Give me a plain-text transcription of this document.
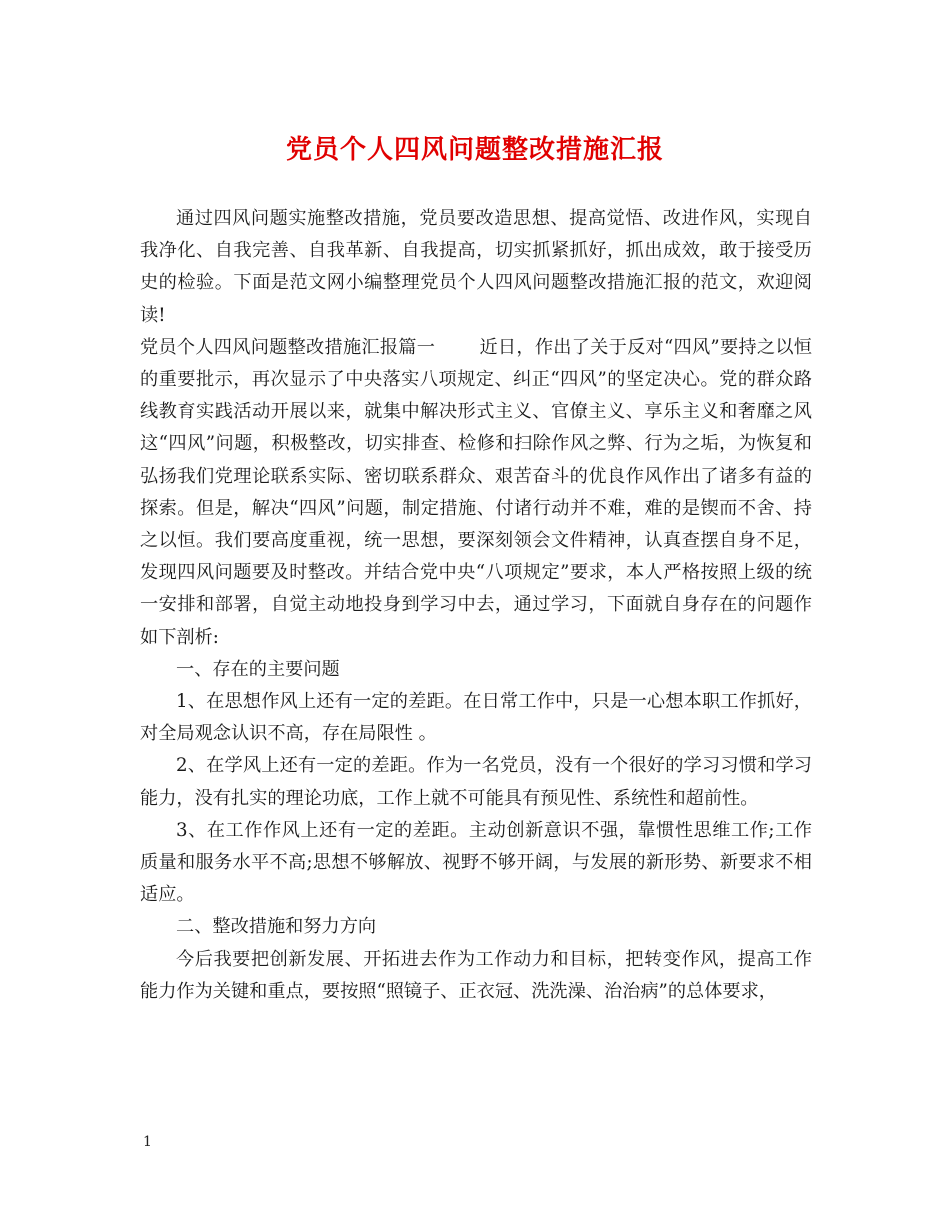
党员个人四风问题整改措施汇报

通过四风问题实施整改措施，党员要改造思想、提高觉悟、改进作风，实现自我净化、自我完善、自我革新、自我提高，切实抓紧抓好，抓出成效，敢于接受历史的检验。下面是范文网小编整理党员个人四风问题整改措施汇报的范文，欢迎阅读!

党员个人四风问题整改措施汇报篇一 近日，作出了关于反对“四风”要持之以恒的重要批示，再次显示了中央落实八项规定、纠正“四风”的坚定决心。党的群众路线教育实践活动开展以来，就集中解决形式主义、官僚主义、享乐主义和奢靡之风这“四风”问题，积极整改，切实排查、检修和扫除作风之弊、行为之垢，为恢复和弘扬我们党理论联系实际、密切联系群众、艰苦奋斗的优良作风作出了诸多有益的探索。但是，解决“四风”问题，制定措施、付诸行动并不难，难的是锲而不舍、持之以恒。我们要高度重视，统一思想，要深刻领会文件精神，认真查摆自身不足，发现四风问题要及时整改。并结合党中央“八项规定”要求，本人严格按照上级的统一安排和部署，自觉主动地投身到学习中去，通过学习，下面就自身存在的问题作如下剖析:

一、存在的主要问题

1、在思想作风上还有一定的差距。在日常工作中，只是一心想本职工作抓好，对全局观念认识不高，存在局限性 。

2、在学风上还有一定的差距。作为一名党员，没有一个很好的学习习惯和学习能力，没有扎实的理论功底，工作上就不可能具有预见性、系统性和超前性。

3、在工作作风上还有一定的差距。主动创新意识不强，靠惯性思维工作;工作质量和服务水平不高;思想不够解放、视野不够开阔，与发展的新形势、新要求不相适应。

二、整改措施和努力方向

今后我要把创新发展、开拓进去作为工作动力和目标，把转变作风，提高工作能力作为关键和重点，要按照“照镜子、正衣冠、洗洗澡、治治病”的总体要求，

1
